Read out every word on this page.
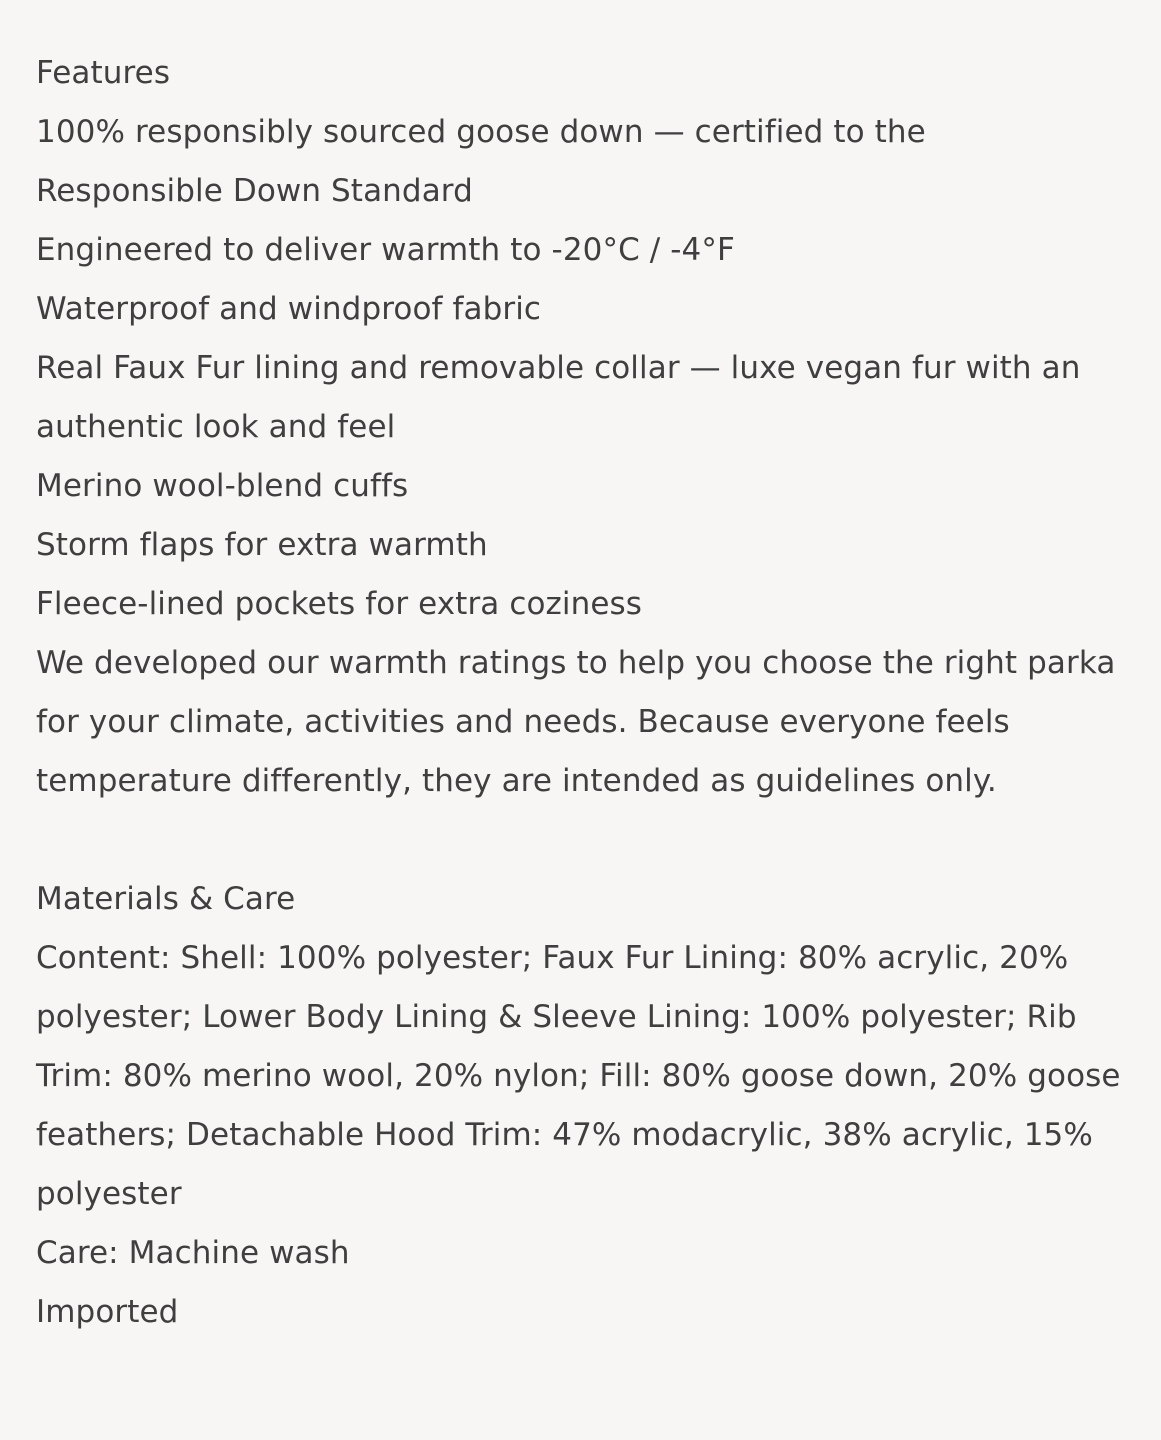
Features
100% responsibly sourced goose down — certified to the Responsible Down Standard
Engineered to deliver warmth to -20°C / -4°F
Waterproof and windproof fabric
Real Faux Fur lining and removable collar — luxe vegan fur with an authentic look and feel
Merino wool-blend cuffs
Storm flaps for extra warmth
Fleece-lined pockets for extra coziness

We developed our warmth ratings to help you choose the right parka for your climate, activities and needs. Because everyone feels temperature differently, they are intended as guidelines only.

Materials & Care
Content: Shell: 100% polyester; Faux Fur Lining: 80% acrylic, 20% polyester; Lower Body Lining & Sleeve Lining: 100% polyester; Rib Trim: 80% merino wool, 20% nylon; Fill: 80% goose down, 20% goose feathers; Detachable Hood Trim: 47% modacrylic, 38% acrylic, 15% polyester
Care: Machine wash
Imported
